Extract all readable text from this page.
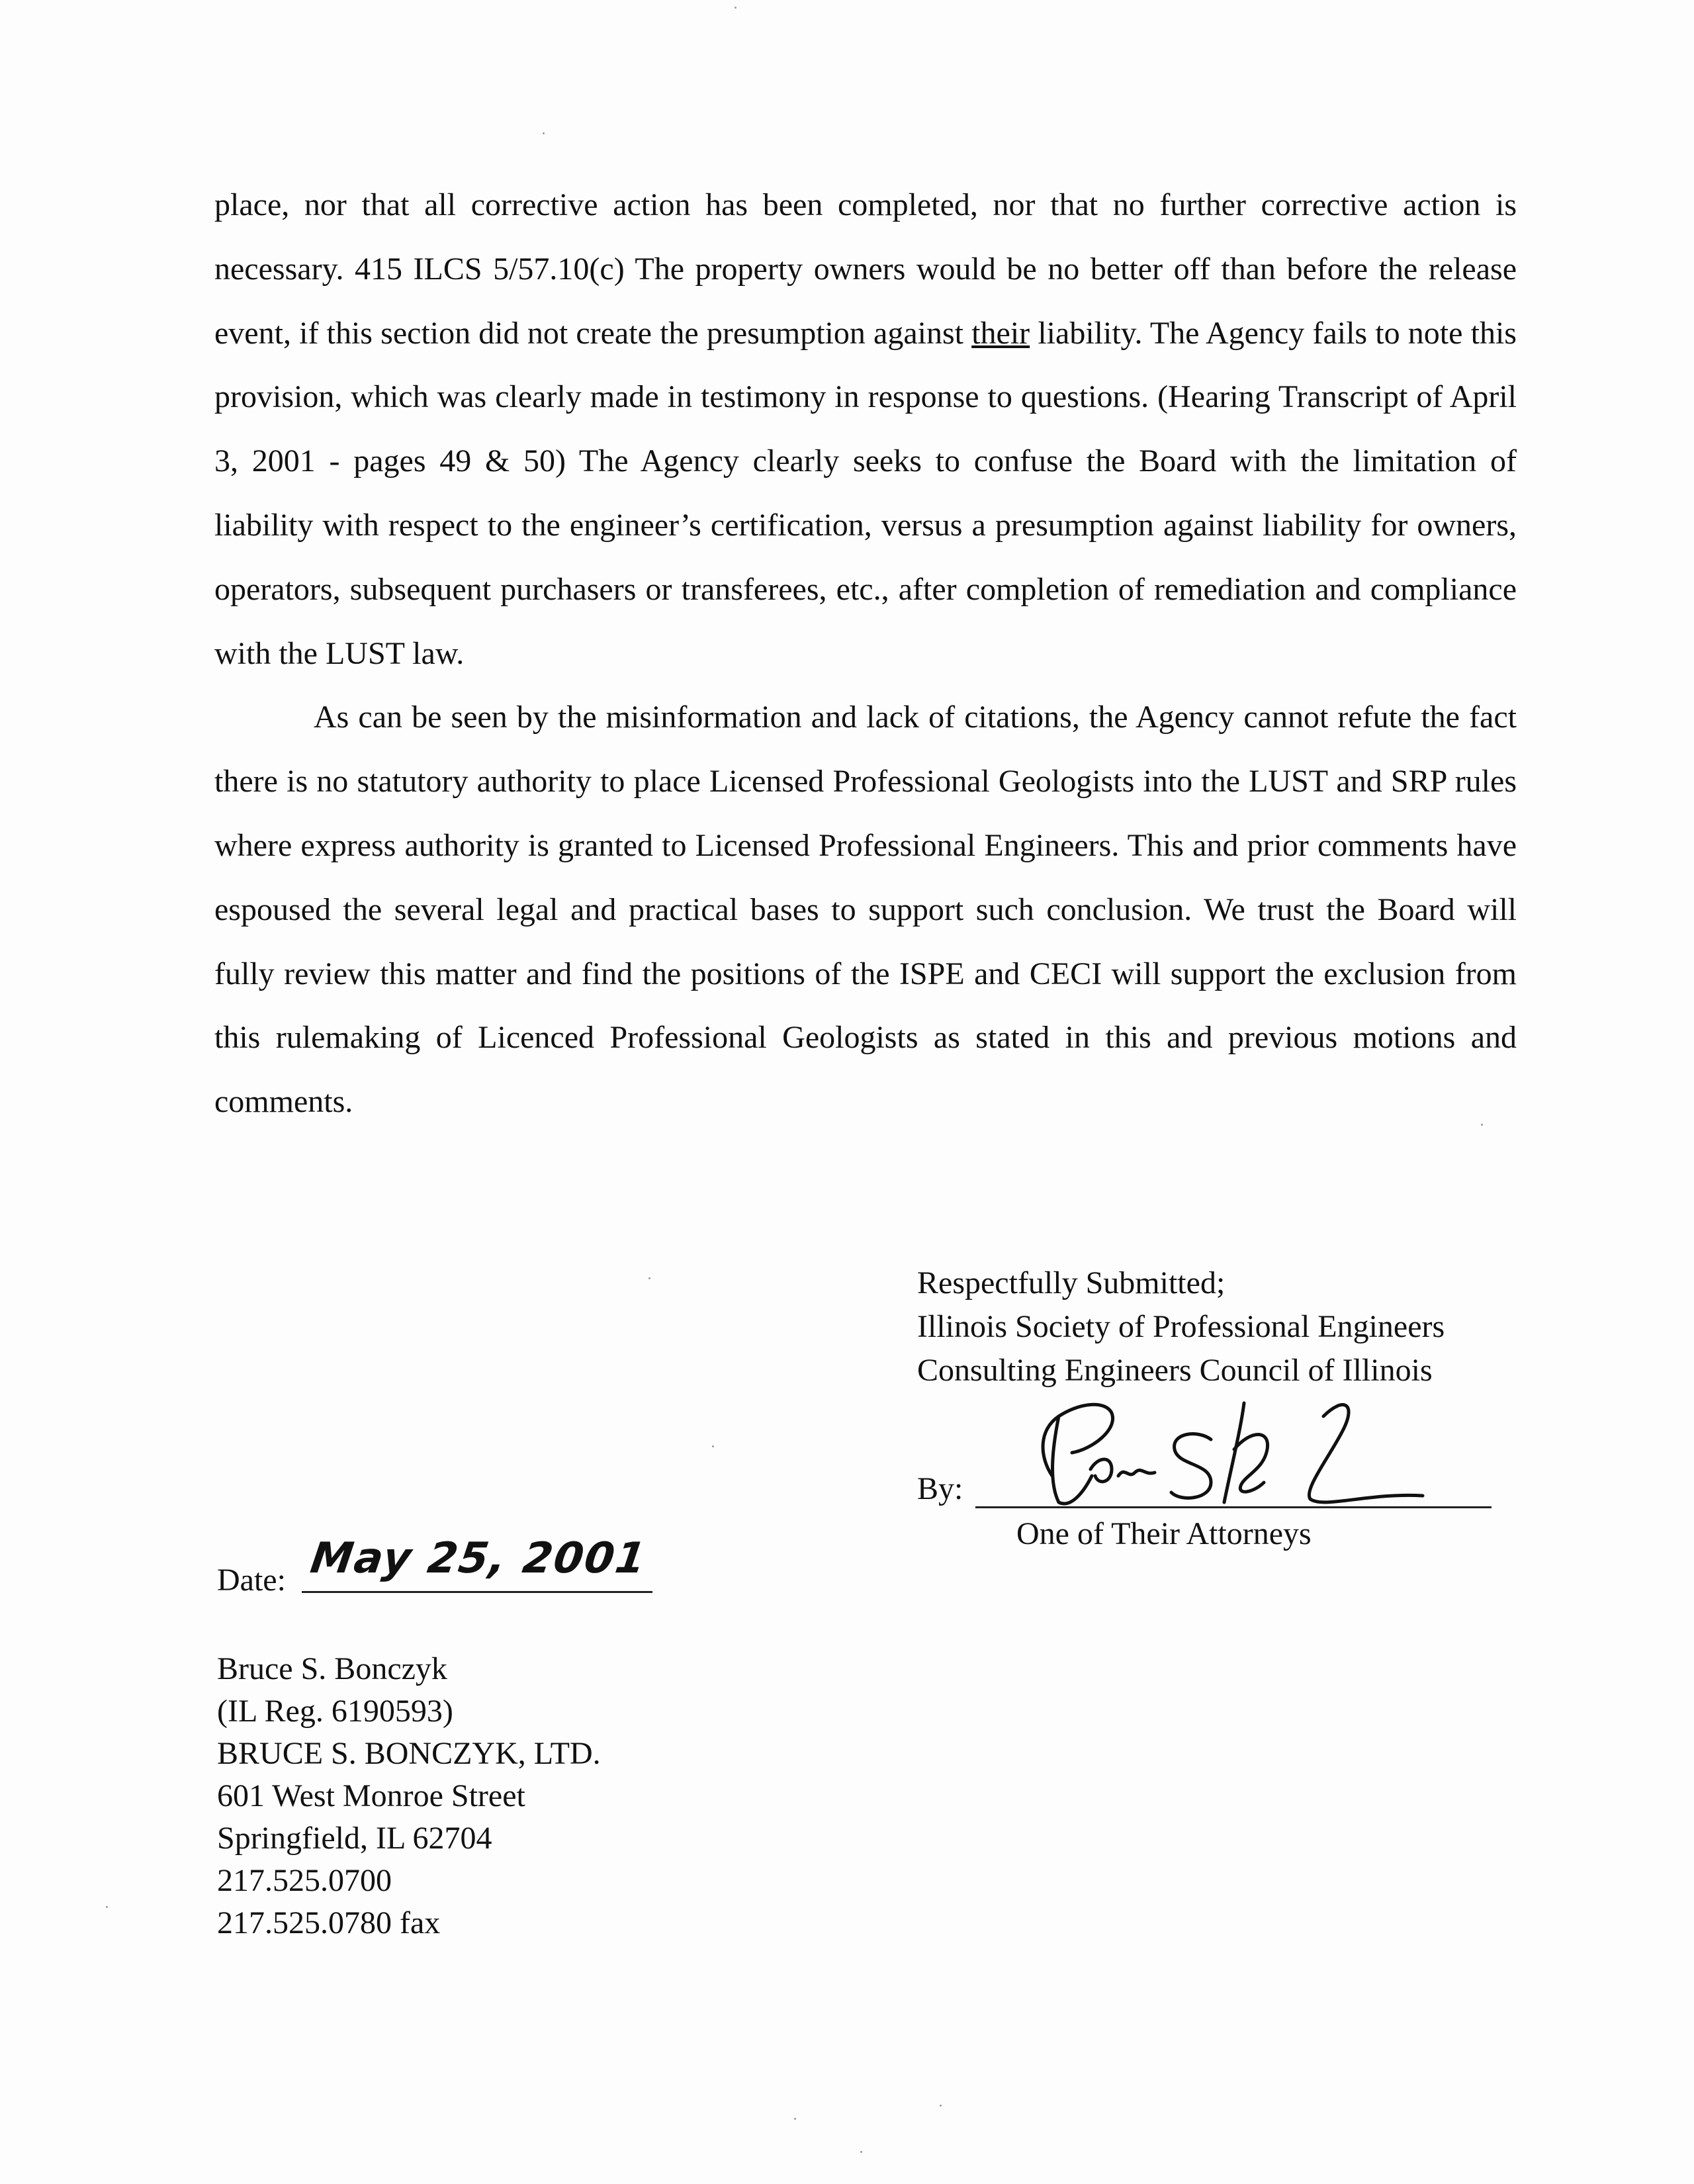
place, nor that all corrective action has been completed, nor that no further corrective action is necessary. 415 ILCS 5/57.10(c) The property owners would be no better off than before the release event, if this section did not create the presumption against their liability. The Agency fails to note this provision, which was clearly made in testimony in response to questions. (Hearing Transcript of April 3, 2001 - pages 49 & 50) The Agency clearly seeks to confuse the Board with the limitation of liability with respect to the engineer’s certification, versus a presumption against liability for owners, operators, subsequent purchasers or transferees, etc., after completion of remediation and compliance with the LUST law.

As can be seen by the misinformation and lack of citations, the Agency cannot refute the fact there is no statutory authority to place Licensed Professional Geologists into the LUST and SRP rules where express authority is granted to Licensed Professional Engineers. This and prior comments have espoused the several legal and practical bases to support such conclusion. We trust the Board will fully review this matter and find the positions of the ISPE and CECI will support the exclusion from this rulemaking of Licenced Professional Geologists as stated in this and previous motions and comments.

Respectfully Submitted;
Illinois Society of Professional Engineers
Consulting Engineers Council of Illinois
By:
One of Their Attorneys
Date: May 25, 2001
Bruce S. Bonczyk
(IL Reg. 6190593)
BRUCE S. BONCZYK, LTD.
601 West Monroe Street
Springfield, IL 62704
217.525.0700
217.525.0780 fax
